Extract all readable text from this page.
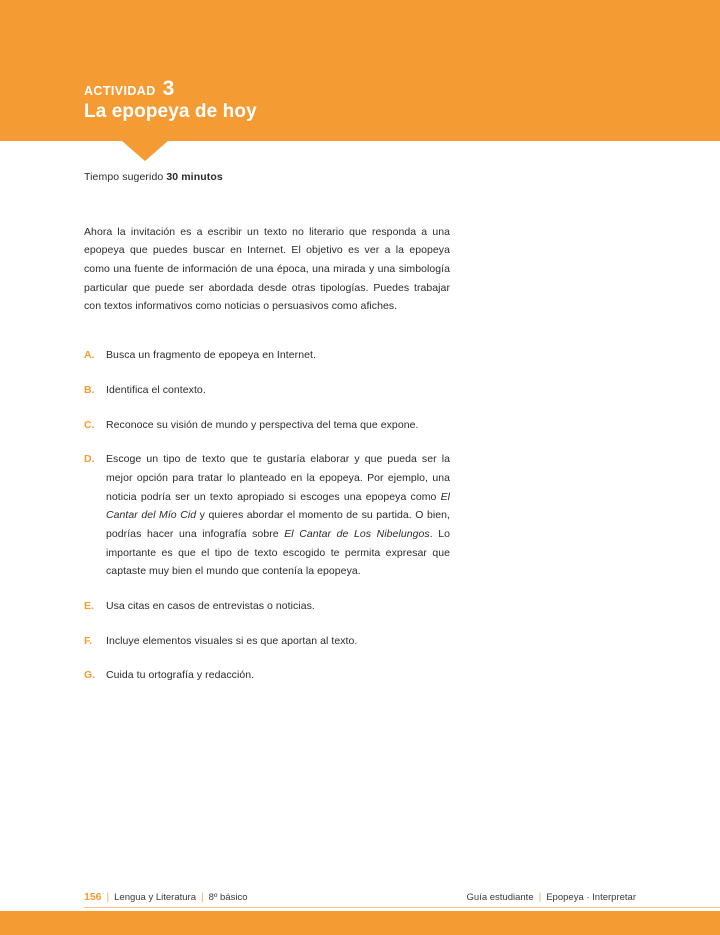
ACTIVIDAD 3
La epopeya de hoy

Tiempo sugerido 30 minutos

Ahora la invitación es a escribir un texto no literario que responda a una epopeya que puedes buscar en Internet. El objetivo es ver a la epopeya como una fuente de información de una época, una mirada y una simbología particular que puede ser abordada desde otras tipologías. Puedes trabajar con textos informativos como noticias o persuasivos como afiches.

A.	Busca un fragmento de epopeya en Internet.
B.	Identifica el contexto.
C.	Reconoce su visión de mundo y perspectiva del tema que expone.
D.	Escoge un tipo de texto que te gustaría elaborar y que pueda ser la mejor opción para tratar lo planteado en la epopeya. Por ejemplo, una noticia podría ser un texto apropiado si escoges una epopeya como El Cantar del Mío Cid y quieres abordar el momento de su partida. O bien, podrías hacer una infografía sobre El Cantar de Los Nibelungos. Lo importante es que el tipo de texto escogido te permita expresar que captaste muy bien el mundo que contenía la epopeya.
E.	Usa citas en casos de entrevistas o noticias.
F.	Incluye elementos visuales si es que aportan al texto.
G.	Cuida tu ortografía y redacción.
156 | Lengua y Literatura | 8º básico	Guía estudiante | Epopeya · Interpretar
